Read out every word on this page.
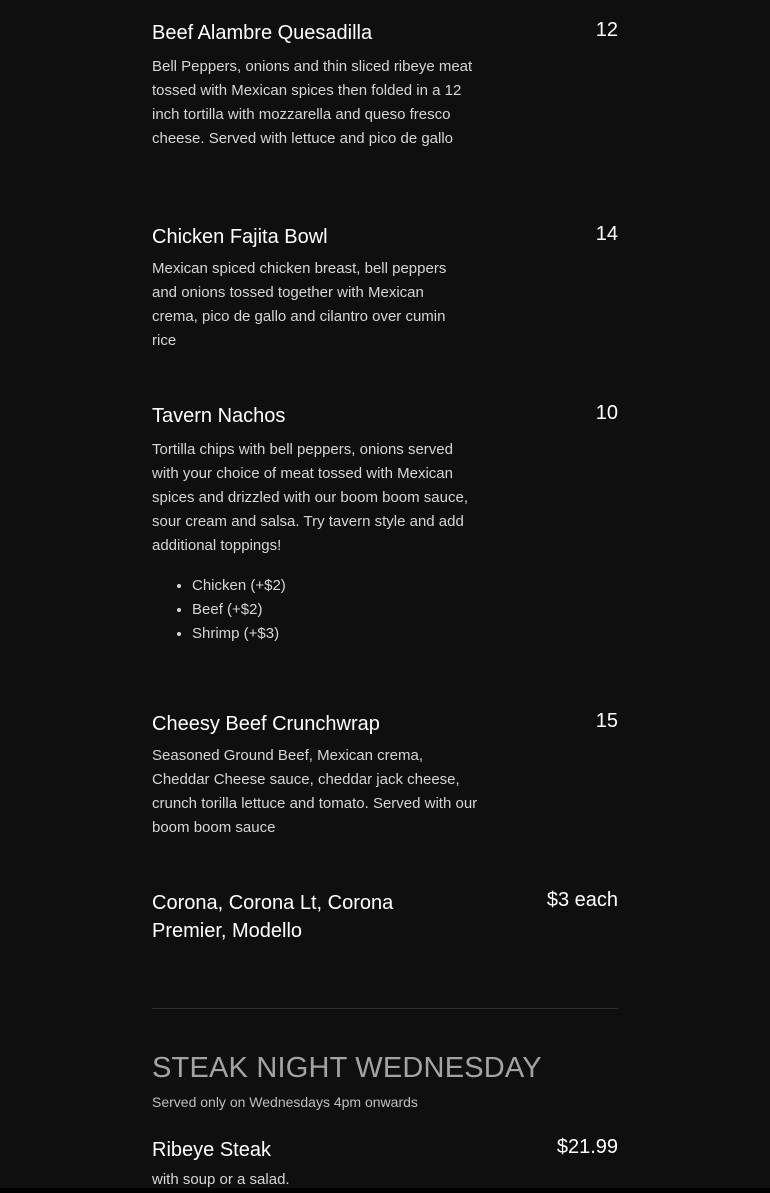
12
Beef Alambre Quesadilla
Bell Peppers, onions and thin sliced ribeye meat tossed with Mexican spices then folded in a 12 inch tortilla with mozzarella and queso fresco cheese. Served with lettuce and pico de gallo
14
Chicken Fajita Bowl
Mexican spiced chicken breast, bell peppers and onions tossed together with Mexican crema, pico de gallo and cilantro over cumin rice
10
Tavern Nachos
Tortilla chips with bell peppers, onions served with your choice of meat tossed with Mexican spices and drizzled with our boom boom sauce, sour cream and salsa. Try tavern style and add additional toppings!
• Chicken (+$2)
• Beef (+$2)
• Shrimp (+$3)
15
Cheesy Beef Crunchwrap
Seasoned Ground Beef, Mexican crema, Cheddar Cheese sauce, cheddar jack cheese, crunch torilla lettuce and tomato. Served with our boom boom sauce
$3 each
Corona, Corona Lt, Corona Premier, Modello
STEAK NIGHT WEDNESDAY
Served only on Wednesdays 4pm onwards
$21.99
Ribeye Steak
with soup or a salad.
